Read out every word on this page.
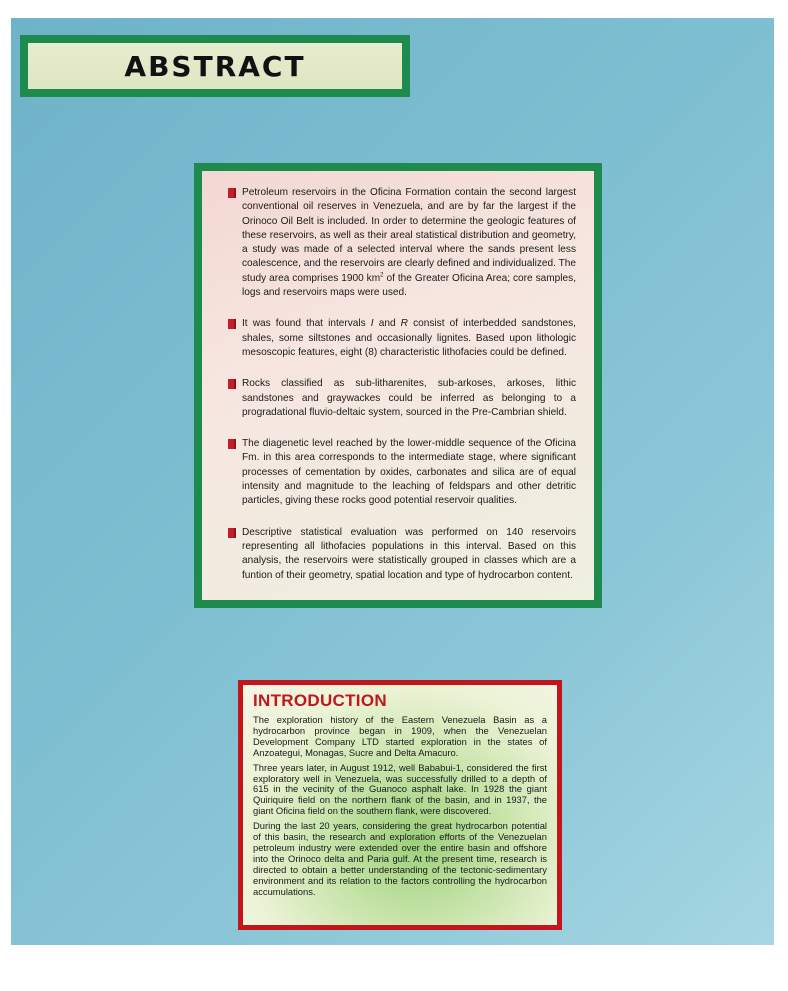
ABSTRACT
Petroleum reservoirs in the Oficina Formation contain the second largest conventional oil reserves in Venezuela, and are by far the largest if the Orinoco Oil Belt is included. In order to determine the geologic features of these reservoirs, as well as their areal statistical distribution and geometry, a study was made of a selected interval where the sands present less coalescence, and the reservoirs are clearly defined and individualized. The study area comprises 1900 $km^2$ of the Greater Oficina Area; core samples, logs and reservoirs maps were used.
It was found that intervals I and R consist of interbedded sandstones, shales, some siltstones and occasionally lignites. Based upon lithologic mesoscopic features, eight (8) characteristic lithofacies could be defined.
Rocks classified as sub-litharenites, sub-arkoses, arkoses, lithic sandstones and graywackes could be inferred as belonging to a progradational fluvio-deltaic system, sourced in the Pre-Cambrian shield.
The diagenetic level reached by the lower-middle sequence of the Oficina Fm. in this area corresponds to the intermediate stage, where significant processes of cementation by oxides, carbonates and silica are of equal intensity and magnitude to the leaching of feldspars and other detritic particles, giving these rocks good potential reservoir qualities.
Descriptive statistical evaluation was performed on 140 reservoirs representing all lithofacies populations in this interval. Based on this analysis, the reservoirs were statistically grouped in classes which are a funtion of their geometry, spatial location and type of hydrocarbon content.
INTRODUCTION

The exploration history of the Eastern Venezuela Basin as a hydrocarbon province began in 1909, when the Venezuelan Development Company LTD started exploration in the states of Anzoategui, Monagas, Sucre and Delta Amacuro.

Three years later, in August 1912, well Bababui-1, considered the first exploratory well in Venezuela, was successfully drilled to a depth of 615 in the vecinity of the Guanoco asphalt lake. In 1928 the giant Quiriquire field on the northern flank of the basin, and in 1937, the giant Oficina field on the southern flank, were discovered.

During the last 20 years, considering the great hydrocarbon potential of this basin, the research and exploration efforts of the Venezuelan petroleum industry were extended over the entire basin and offshore into the Orinoco delta and Paria gulf. At the present time, research is directed to obtain a better understanding of the tectonic-sedimentary environment and its relation to the factors controlling the hydrocarbon accumulations.
